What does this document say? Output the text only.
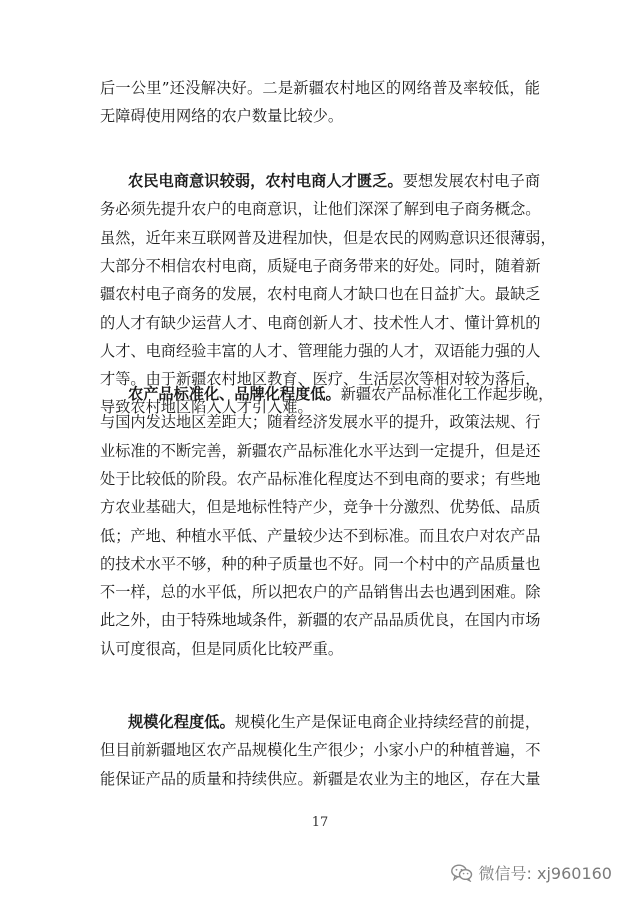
后一公里”还没解决好。二是新疆农村地区的网络普及率较低，能
无障碍使用网络的农户数量比较少。
农民电商意识较弱，农村电商人才匮乏。要想发展农村电子商
务必须先提升农户的电商意识，让他们深深了解到电子商务概念。
虽然，近年来互联网普及进程加快，但是农民的网购意识还很薄弱，
大部分不相信农村电商，质疑电子商务带来的好处。同时，随着新
疆农村电子商务的发展，农村电商人才缺口也在日益扩大。最缺乏
的人才有缺少运营人才、电商创新人才、技术性人才、懂计算机的
人才、电商经验丰富的人才、管理能力强的人才，双语能力强的人
才等。由于新疆农村地区教育、医疗、生活层次等相对较为落后，
导致农村地区陷入人才引入难。
农产品标准化、品牌化程度低。新疆农产品标准化工作起步晚，
与国内发达地区差距大；随着经济发展水平的提升，政策法规、行
业标准的不断完善，新疆农产品标准化水平达到一定提升，但是还
处于比较低的阶段。农产品标准化程度达不到电商的要求；有些地
方农业基础大，但是地标性特产少，竞争十分激烈、优势低、品质
低；产地、种植水平低、产量较少达不到标准。而且农户对农产品
的技术水平不够，种的种子质量也不好。同一个村中的产品质量也
不一样，总的水平低，所以把农户的产品销售出去也遇到困难。除
此之外，由于特殊地域条件，新疆的农产品品质优良，在国内市场
认可度很高，但是同质化比较严重。
规模化程度低。规模化生产是保证电商企业持续经营的前提，
但目前新疆地区农产品规模化生产很少；小家小户的种植普遍，不
能保证产品的质量和持续供应。新疆是农业为主的地区，存在大量
17
微信号: xj960160
